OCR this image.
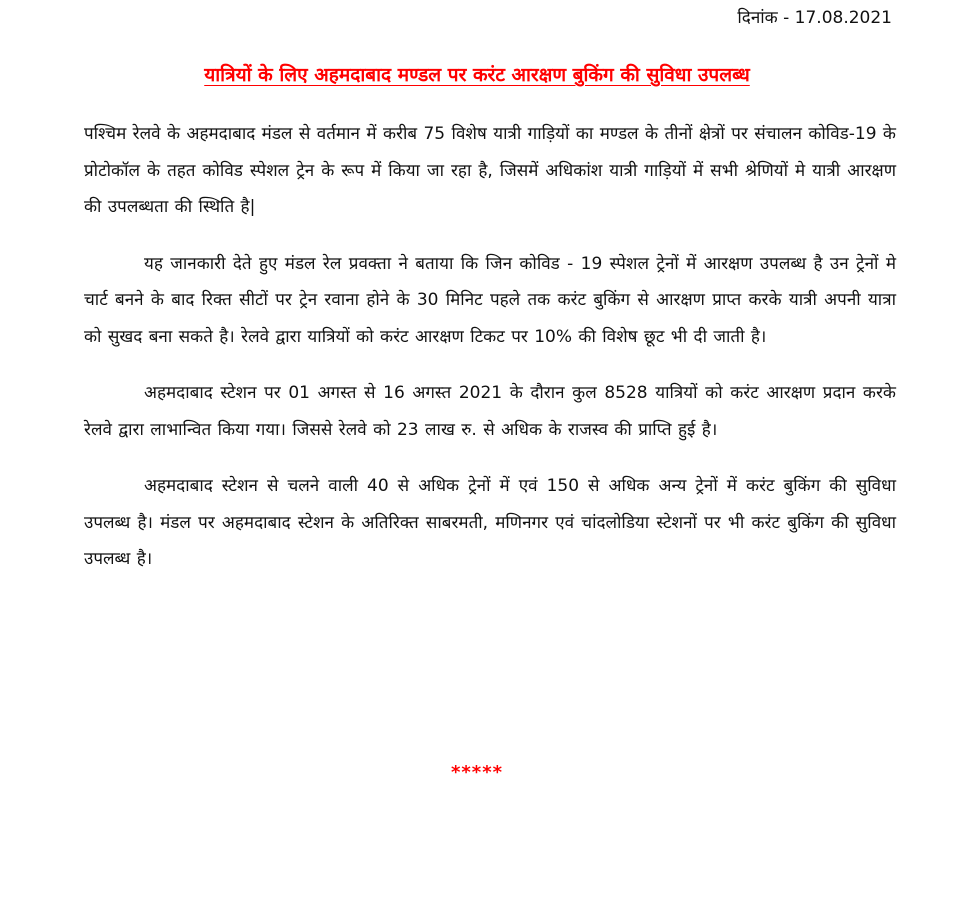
दिनांक - 17.08.2021
यात्रियों के लिए अहमदाबाद मण्डल पर करंट आरक्षण बुकिंग की सुविधा उपलब्ध

पश्चिम रेलवे के अहमदाबाद मंडल से वर्तमान में करीब 75 विशेष यात्री गाड़ियों का मण्डल के तीनों क्षेत्रों पर संचालन कोविड-19 के प्रोटोकॉल के तहत कोविड स्पेशल ट्रेन के रूप में किया जा रहा है, जिसमें अधिकांश यात्री गाड़ियों में सभी श्रेणियों मे यात्री आरक्षण की उपलब्धता की स्थिति है|

यह जानकारी देते हुए मंडल रेल प्रवक्ता ने बताया कि जिन कोविड - 19 स्पेशल ट्रेनों में आरक्षण उपलब्ध है उन ट्रेनों मे चार्ट बनने के बाद रिक्त सीटों पर ट्रेन रवाना होने के 30 मिनिट पहले तक करंट बुकिंग से आरक्षण प्राप्त करके यात्री अपनी यात्रा को सुखद बना सकते है। रेलवे द्वारा यात्रियों को करंट आरक्षण टिकट पर 10% की विशेष छूट भी दी जाती है।

अहमदाबाद स्टेशन पर 01 अगस्त से 16 अगस्त 2021 के दौरान कुल 8528 यात्रियों को करंट आरक्षण प्रदान करके रेलवे द्वारा लाभान्वित किया गया। जिससे रेलवे को 23 लाख रु. से अधिक के राजस्व की प्राप्ति हुई है।

अहमदाबाद स्टेशन से चलने वाली 40 से अधिक ट्रेनों में एवं 150 से अधिक अन्य ट्रेनों में करंट बुकिंग की सुविधा उपलब्ध है। मंडल पर अहमदाबाद स्टेशन के अतिरिक्त साबरमती, मणिनगर एवं चांदलोडिया स्टेशनों पर भी करंट बुकिंग की सुविधा उपलब्ध है।

*****
